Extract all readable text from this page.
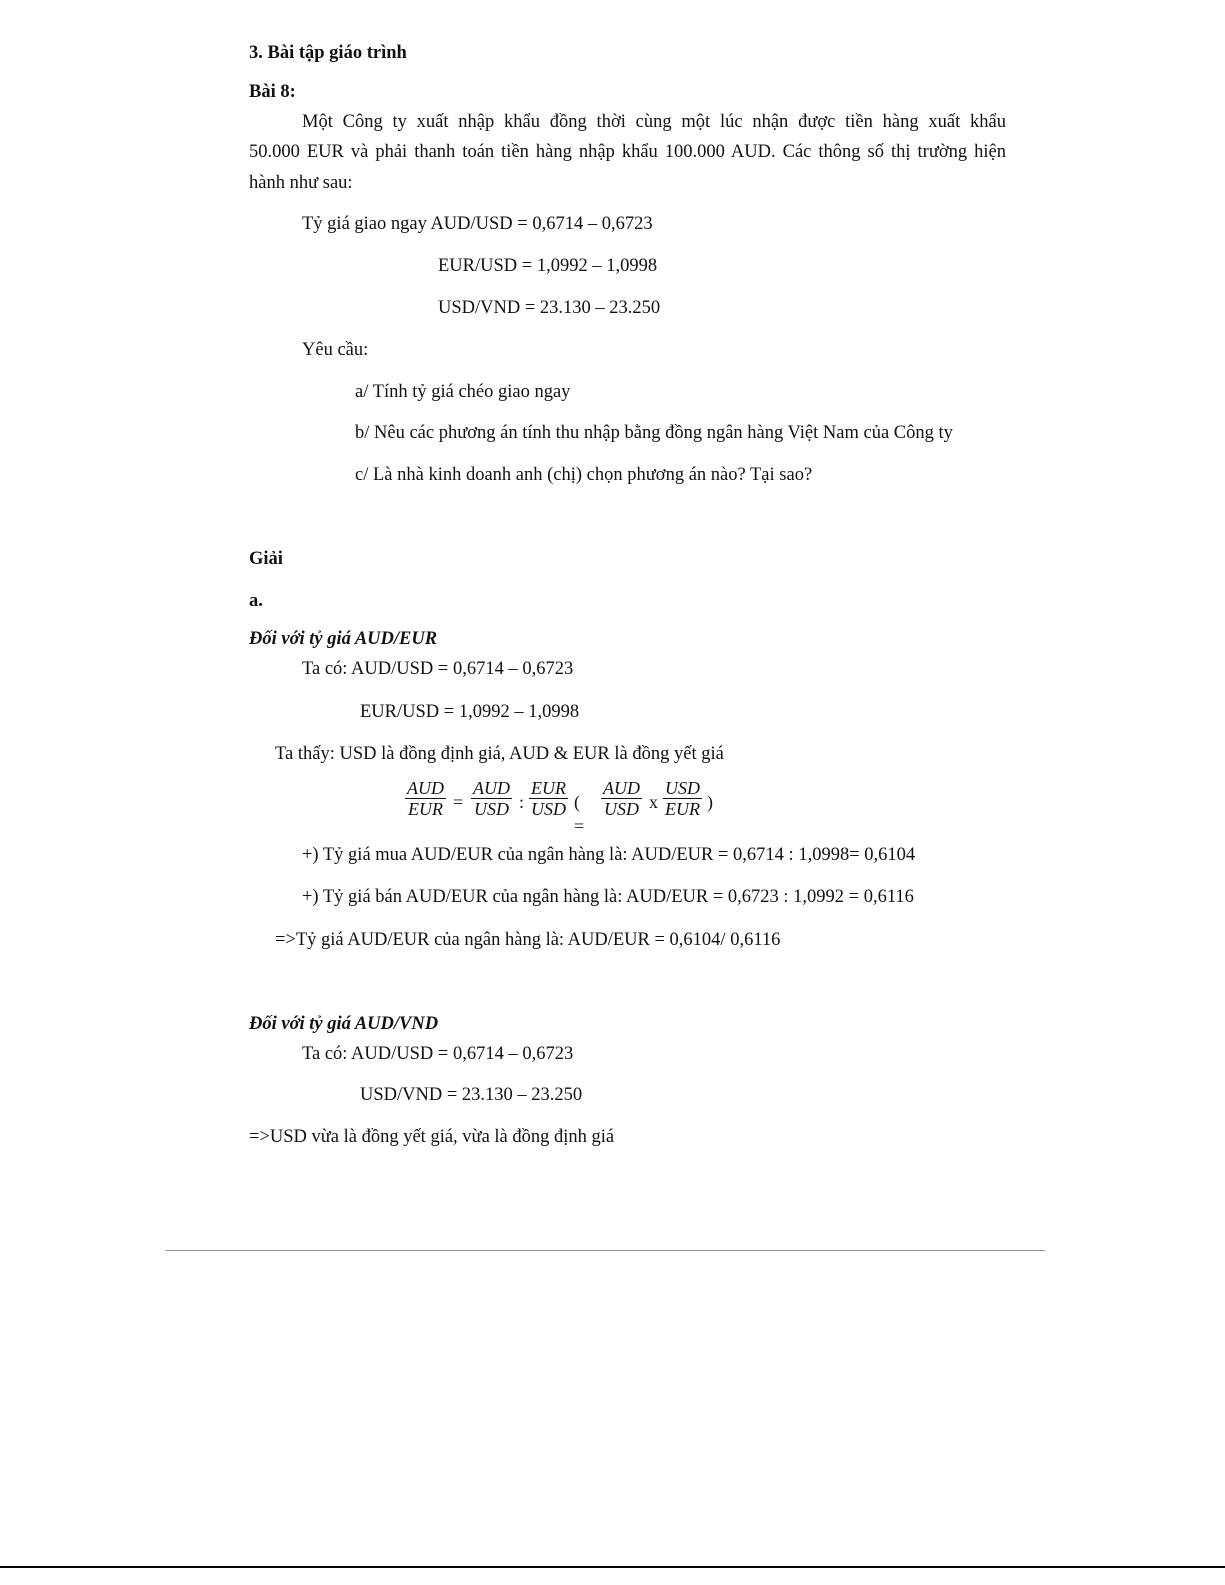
3. Bài tập giáo trình
Bài 8:
Một Công ty xuất nhập khẩu đồng thời cùng một lúc nhận được tiền hàng xuất khẩu
50.000 EUR và phải thanh toán tiền hàng nhập khẩu 100.000 AUD. Các thông số thị trường hiện
hành như sau:
Tỷ giá giao ngay AUD/USD = 0,6714 – 0,6723
EUR/USD = 1,0992 – 1,0998
USD/VND = 23.130 – 23.250
Yêu cầu:
a/ Tính tỷ giá chéo giao ngay
b/ Nêu các phương án tính thu nhập bằng đồng ngân hàng Việt Nam của Công ty
c/ Là nhà kinh doanh anh (chị) chọn phương án nào? Tại sao?
Giải
a.
Đối với tỷ giá AUD/EUR
Ta có: AUD/USD = 0,6714 – 0,6723
EUR/USD = 1,0992 – 1,0998
Ta thấy: USD là đồng định giá, AUD & EUR là đồng yết giá
AUD
EUR =
AUD
USD :
EUR
USD ( =
AUD
USD x
USD
EUR )
+) Tỷ giá mua AUD/EUR của ngân hàng là: AUD/EUR = 0,6714 : 1,0998= 0,6104
+) Tỷ giá bán AUD/EUR của ngân hàng là: AUD/EUR = 0,6723 : 1,0992 = 0,6116
=>Tỷ giá AUD/EUR của ngân hàng là: AUD/EUR = 0,6104/ 0,6116
Đối với tỷ giá AUD/VND
Ta có: AUD/USD = 0,6714 – 0,6723
USD/VND = 23.130 – 23.250
=>USD vừa là đồng yết giá, vừa là đồng định giá
